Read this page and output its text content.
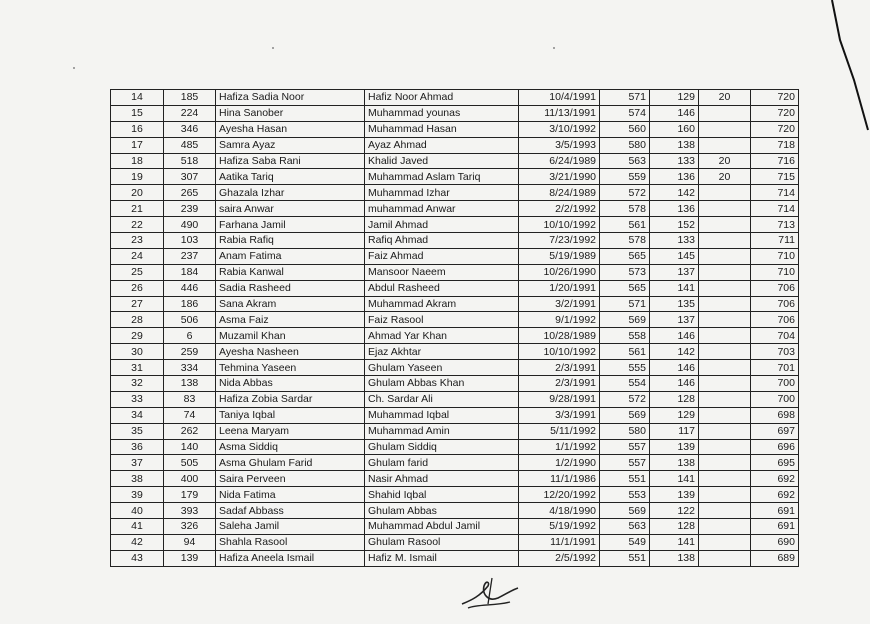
14	185	Hafiza Sadia Noor	Hafiz Noor Ahmad	10/4/1991	571	129	20	720
15	224	Hina Sanober	Muhammad younas	11/13/1991	574	146		720
16	346	Ayesha Hasan	Muhammad Hasan	3/10/1992	560	160		720
17	485	Samra Ayaz	Ayaz Ahmad	3/5/1993	580	138		718
18	518	Hafiza Saba Rani	Khalid Javed	6/24/1989	563	133	20	716
19	307	Aatika Tariq	Muhammad Aslam Tariq	3/21/1990	559	136	20	715
20	265	Ghazala Izhar	Muhammad Izhar	8/24/1989	572	142		714
21	239	saira Anwar	muhammad Anwar	2/2/1992	578	136		714
22	490	Farhana Jamil	Jamil Ahmad	10/10/1992	561	152		713
23	103	Rabia Rafiq	Rafiq Ahmad	7/23/1992	578	133		711
24	237	Anam Fatima	Faiz Ahmad	5/19/1989	565	145		710
25	184	Rabia Kanwal	Mansoor Naeem	10/26/1990	573	137		710
26	446	Sadia Rasheed	Abdul Rasheed	1/20/1991	565	141		706
27	186	Sana Akram	Muhammad Akram	3/2/1991	571	135		706
28	506	Asma Faiz	Faiz Rasool	9/1/1992	569	137		706
29	6	Muzamil Khan	Ahmad Yar Khan	10/28/1989	558	146		704
30	259	Ayesha Nasheen	Ejaz Akhtar	10/10/1992	561	142		703
31	334	Tehmina Yaseen	Ghulam Yaseen	2/3/1991	555	146		701
32	138	Nida Abbas	Ghulam Abbas Khan	2/3/1991	554	146		700
33	83	Hafiza Zobia Sardar	Ch. Sardar Ali	9/28/1991	572	128		700
34	74	Taniya Iqbal	Muhammad Iqbal	3/3/1991	569	129		698
35	262	Leena Maryam	Muhammad Amin	5/11/1992	580	117		697
36	140	Asma Siddiq	Ghulam Siddiq	1/1/1992	557	139		696
37	505	Asma Ghulam Farid	Ghulam farid	1/2/1990	557	138		695
38	400	Saira Perveen	Nasir Ahmad	11/1/1986	551	141		692
39	179	Nida Fatima	Shahid Iqbal	12/20/1992	553	139		692
40	393	Sadaf Abbass	Ghulam Abbas	4/18/1990	569	122		691
41	326	Saleha Jamil	Muhammad Abdul Jamil	5/19/1992	563	128		691
42	94	Shahla Rasool	Ghulam Rasool	11/1/1991	549	141		690
43	139	Hafiza Aneela Ismail	Hafiz M. Ismail	2/5/1992	551	138		689
